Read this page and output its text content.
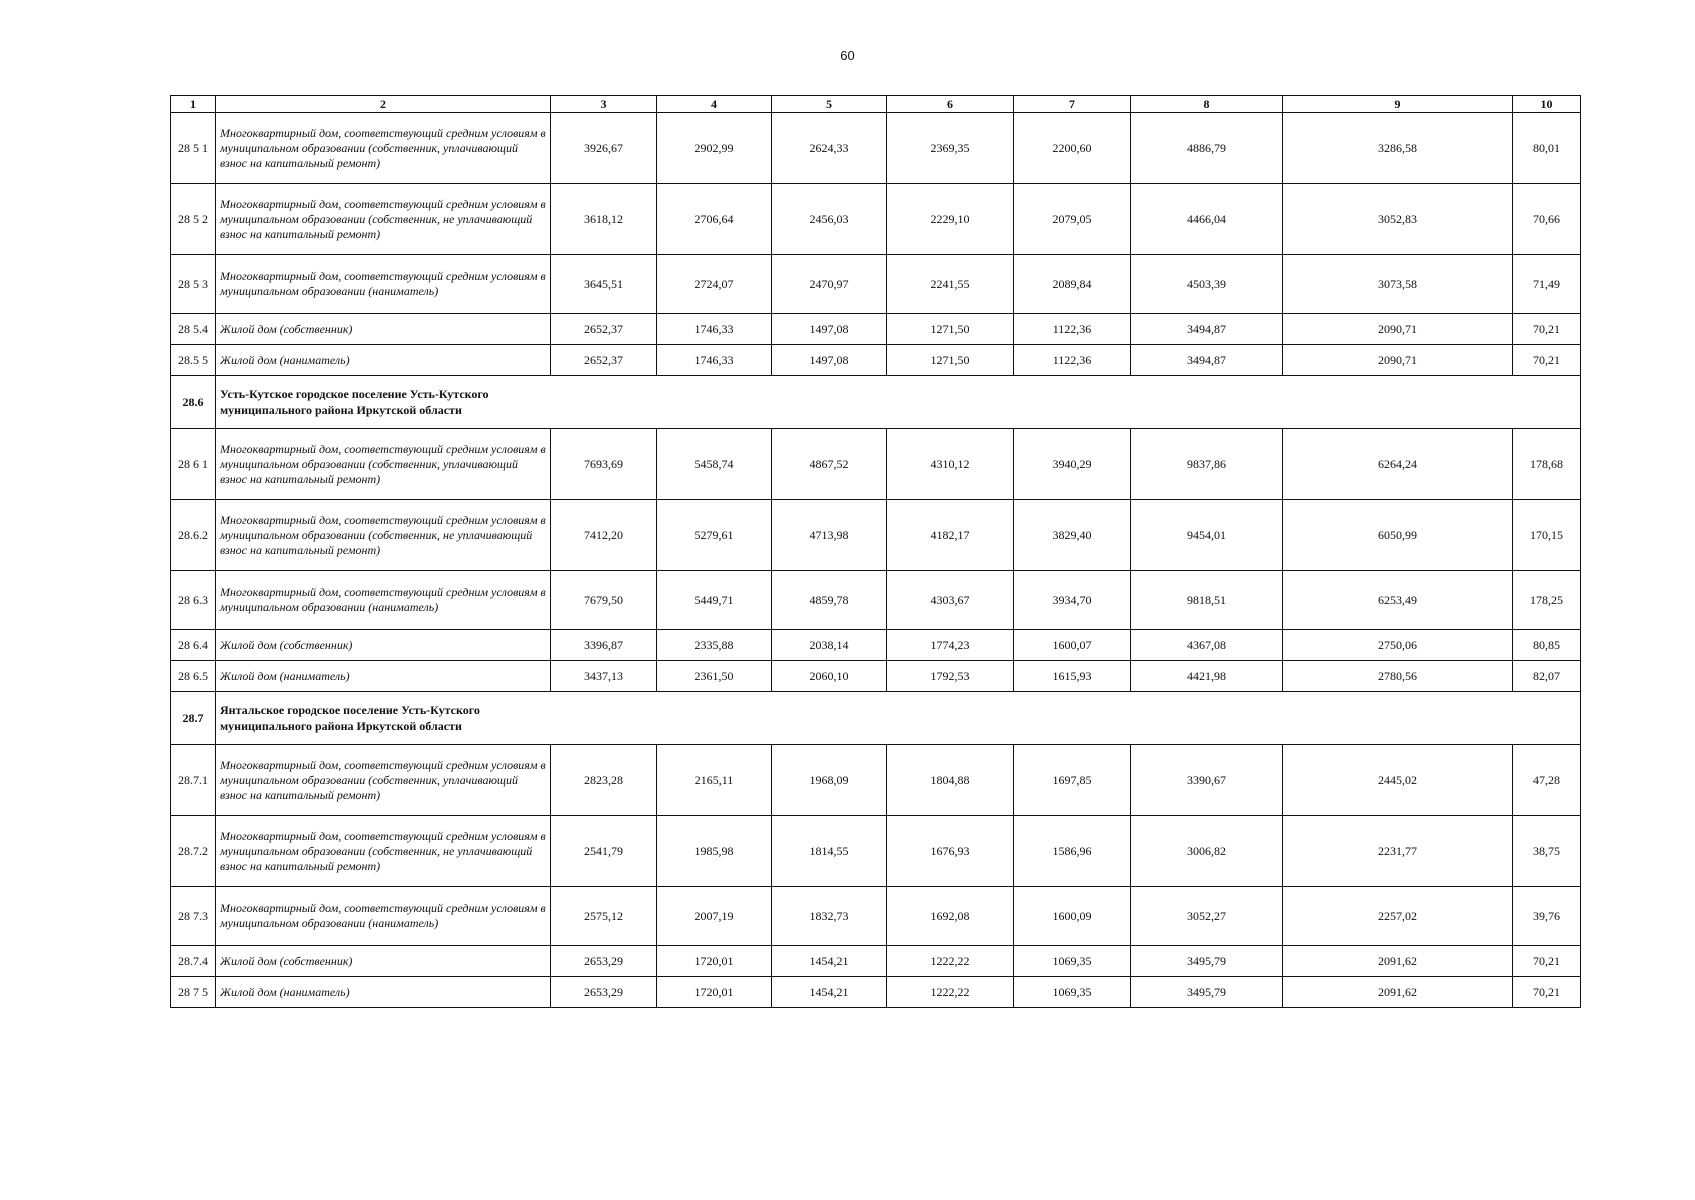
60
1	2	3	4	5	6	7	8	9	10
28 5 1	Многоквартирный дом, соответствующий средним условиям в муниципальном образовании (собственник, уплачивающий взнос на капитальный ремонт)	3926,67	2902,99	2624,33	2369,35	2200,60	4886,79	3286,58	80,01
28 5 2	Многоквартирный дом, соответствующий средним условиям в муниципальном образовании (собственник, не уплачивающий взнос на капитальный ремонт)	3618,12	2706,64	2456,03	2229,10	2079,05	4466,04	3052,83	70,66
28 5 3	Многоквартирный дом, соответствующий средним условиям в муниципальном образовании (наниматель)	3645,51	2724,07	2470,97	2241,55	2089,84	4503,39	3073,58	71,49
28 5.4	Жилой дом (собственник)	2652,37	1746,33	1497,08	1271,50	1122,36	3494,87	2090,71	70,21
28.5 5	Жилой дом (наниматель)	2652,37	1746,33	1497,08	1271,50	1122,36	3494,87	2090,71	70,21
28.6	Усть-Кутское городское поселение Усть-Кутского муниципального района Иркутской области								

28 6 1	Многоквартирный дом, соответствующий средним условиям в муниципальном образовании (собственник, уплачивающий взнос на капитальный ремонт)	7693,69	5458,74	4867,52	4310,12	3940,29	9837,86	6264,24	178,68
28.6.2	Многоквартирный дом, соответствующий средним условиям в муниципальном образовании (собственник, не уплачивающий взнос на капитальный ремонт)	7412,20	5279,61	4713,98	4182,17	3829,40	9454,01	6050,99	170,15
28 6.3	Многоквартирный дом, соответствующий средним условиям в муниципальном образовании (наниматель)	7679,50	5449,71	4859,78	4303,67	3934,70	9818,51	6253,49	178,25
28 6.4	Жилой дом (собственник)	3396,87	2335,88	2038,14	1774,23	1600,07	4367,08	2750,06	80,85
28 6.5	Жилой дом (наниматель)	3437,13	2361,50	2060,10	1792,53	1615,93	4421,98	2780,56	82,07
28.7	Янтальское городское поселение Усть-Кутского муниципального района Иркутской области								

28.7.1	Многоквартирный дом, соответствующий средним условиям в муниципальном образовании (собственник, уплачивающий взнос на капитальный ремонт)	2823,28	2165,11	1968,09	1804,88	1697,85	3390,67	2445,02	47,28
28.7.2	Многоквартирный дом, соответствующий средним условиям в муниципальном образовании (собственник, не уплачивающий взнос на капитальный ремонт)	2541,79	1985,98	1814,55	1676,93	1586,96	3006,82	2231,77	38,75
28 7.3	Многоквартирный дом, соответствующий средним условиям в муниципальном образовании (наниматель)	2575,12	2007,19	1832,73	1692,08	1600,09	3052,27	2257,02	39,76
28.7.4	Жилой дом (собственник)	2653,29	1720,01	1454,21	1222,22	1069,35	3495,79	2091,62	70,21
28 7 5	Жилой дом (наниматель)	2653,29	1720,01	1454,21	1222,22	1069,35	3495,79	2091,62	70,21
